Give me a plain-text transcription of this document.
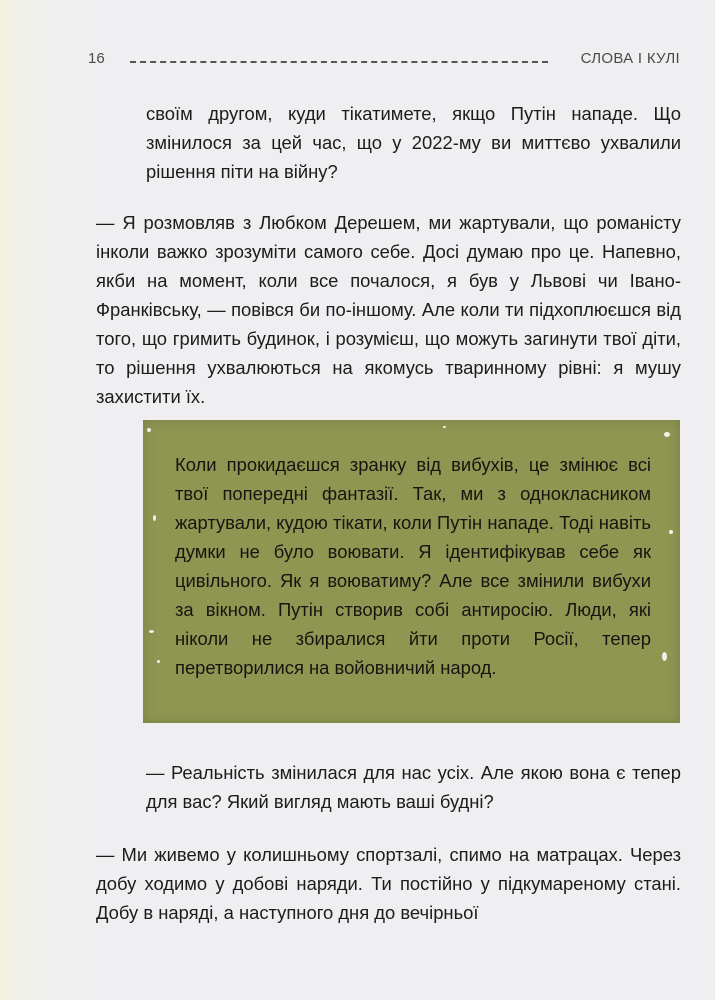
16	СЛОВА І КУЛІ

своїм другом, куди тікатимете, якщо Путін нападе. Що змінилося за цей час, що у 2022-му ви миттєво ухвалили рішення піти на війну?

— Я розмовляв з Любком Дерешем, ми жартували, що романісту інколи важко зрозуміти самого себе. Досі думаю про це. Напевно, якби на момент, коли все почалося, я був у Львові чи Івано-Франківську, — повівся би по-іншому. Але коли ти підхоплюєшся від того, що гримить будинок, і розумієш, що можуть загинути твої діти, то рішення ухвалюються на якомусь тваринному рівні: я мушу захистити їх.

Коли прокидаєшся зранку від вибухів, це змінює всі твої попередні фантазії. Так, ми з однокласником жартували, кудою тікати, коли Путін нападе. Тоді навіть думки не було воювати. Я ідентифікував себе як цивільного. Як я воюватиму? Але все змінили вибухи за вікном. Путін створив собі антиросію. Люди, які ніколи не збиралися йти проти Росії, тепер перетворилися на войовничий народ.

— Реальність змінилася для нас усіх. Але якою вона є тепер для вас? Який вигляд мають ваші будні?

— Ми живемо у колишньому спортзалі, спимо на матрацах. Через добу ходимо у добові наряди. Ти постійно у підкумареному стані. Добу в наряді, а наступного дня до вечірньої
